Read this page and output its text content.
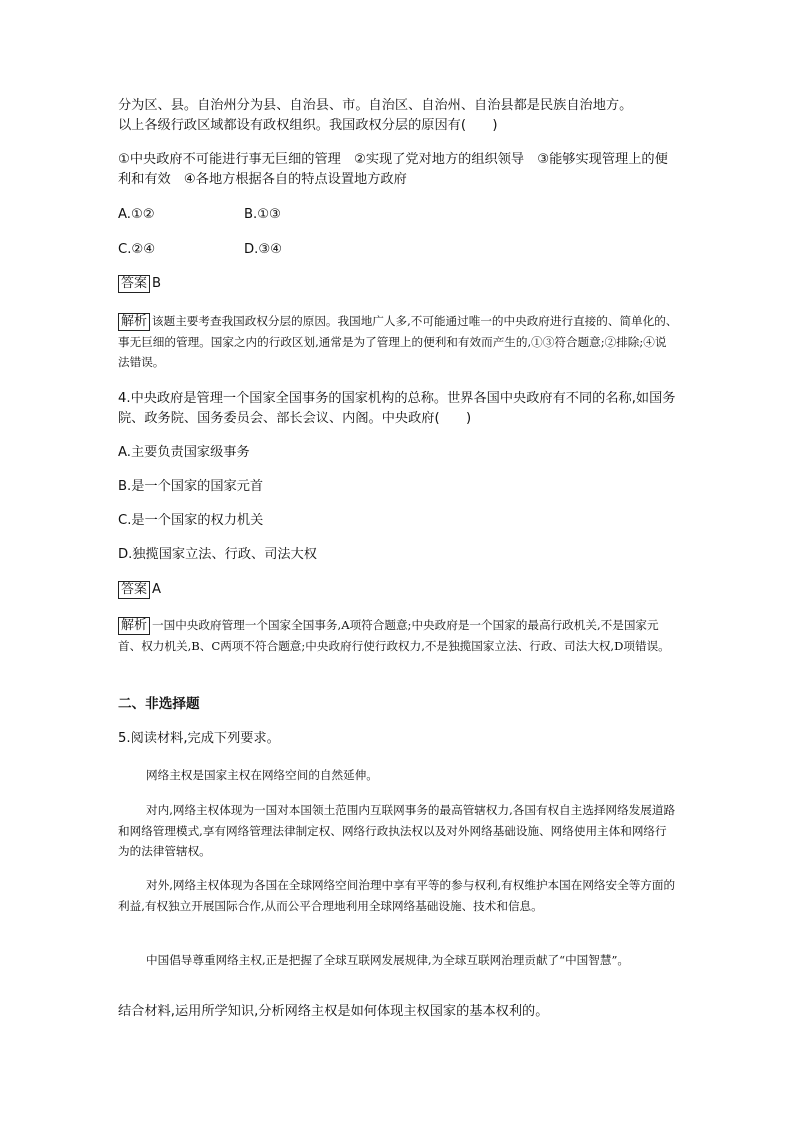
分为区、县。自治州分为县、自治县、市。自治区、自治州、自治县都是民族自治地方。

以上各级行政区域都设有政权组织。我国政权分层的原因有(　　)

①中央政府不可能进行事无巨细的管理　②实现了党对地方的组织领导　③能够实现管理上的便利和有效　④各地方根据各自的特点设置地方政府

A.①②	B.①③

C.②④	D.③④

答案 B

解析 该题主要考查我国政权分层的原因。我国地广人多,不可能通过唯一的中央政府进行直接的、简单化的、事无巨细的管理。国家之内的行政区划,通常是为了管理上的便利和有效而产生的,①③符合题意;②排除;④说法错误。

4.中央政府是管理一个国家全国事务的国家机构的总称。世界各国中央政府有不同的名称,如国务院、政务院、国务委员会、部长会议、内阁。中央政府(　　)

A.主要负责国家级事务

B.是一个国家的国家元首

C.是一个国家的权力机关

D.独揽国家立法、行政、司法大权

答案 A

解析 一国中央政府管理一个国家全国事务,A项符合题意;中央政府是一个国家的最高行政机关,不是国家元首、权力机关,B、C两项不符合题意;中央政府行使行政权力,不是独揽国家立法、行政、司法大权,D项错误。

二、非选择题

5.阅读材料,完成下列要求。

网络主权是国家主权在网络空间的自然延伸。

对内,网络主权体现为一国对本国领土范围内互联网事务的最高管辖权力,各国有权自主选择网络发展道路和网络管理模式,享有网络管理法律制定权、网络行政执法权以及对外网络基础设施、网络使用主体和网络行为的法律管辖权。

对外,网络主权体现为各国在全球网络空间治理中享有平等的参与权利,有权维护本国在网络安全等方面的利益,有权独立开展国际合作,从而公平合理地利用全球网络基础设施、技术和信息。

中国倡导尊重网络主权,正是把握了全球互联网发展规律,为全球互联网治理贡献了“中国智慧”。

结合材料,运用所学知识,分析网络主权是如何体现主权国家的基本权利的。
